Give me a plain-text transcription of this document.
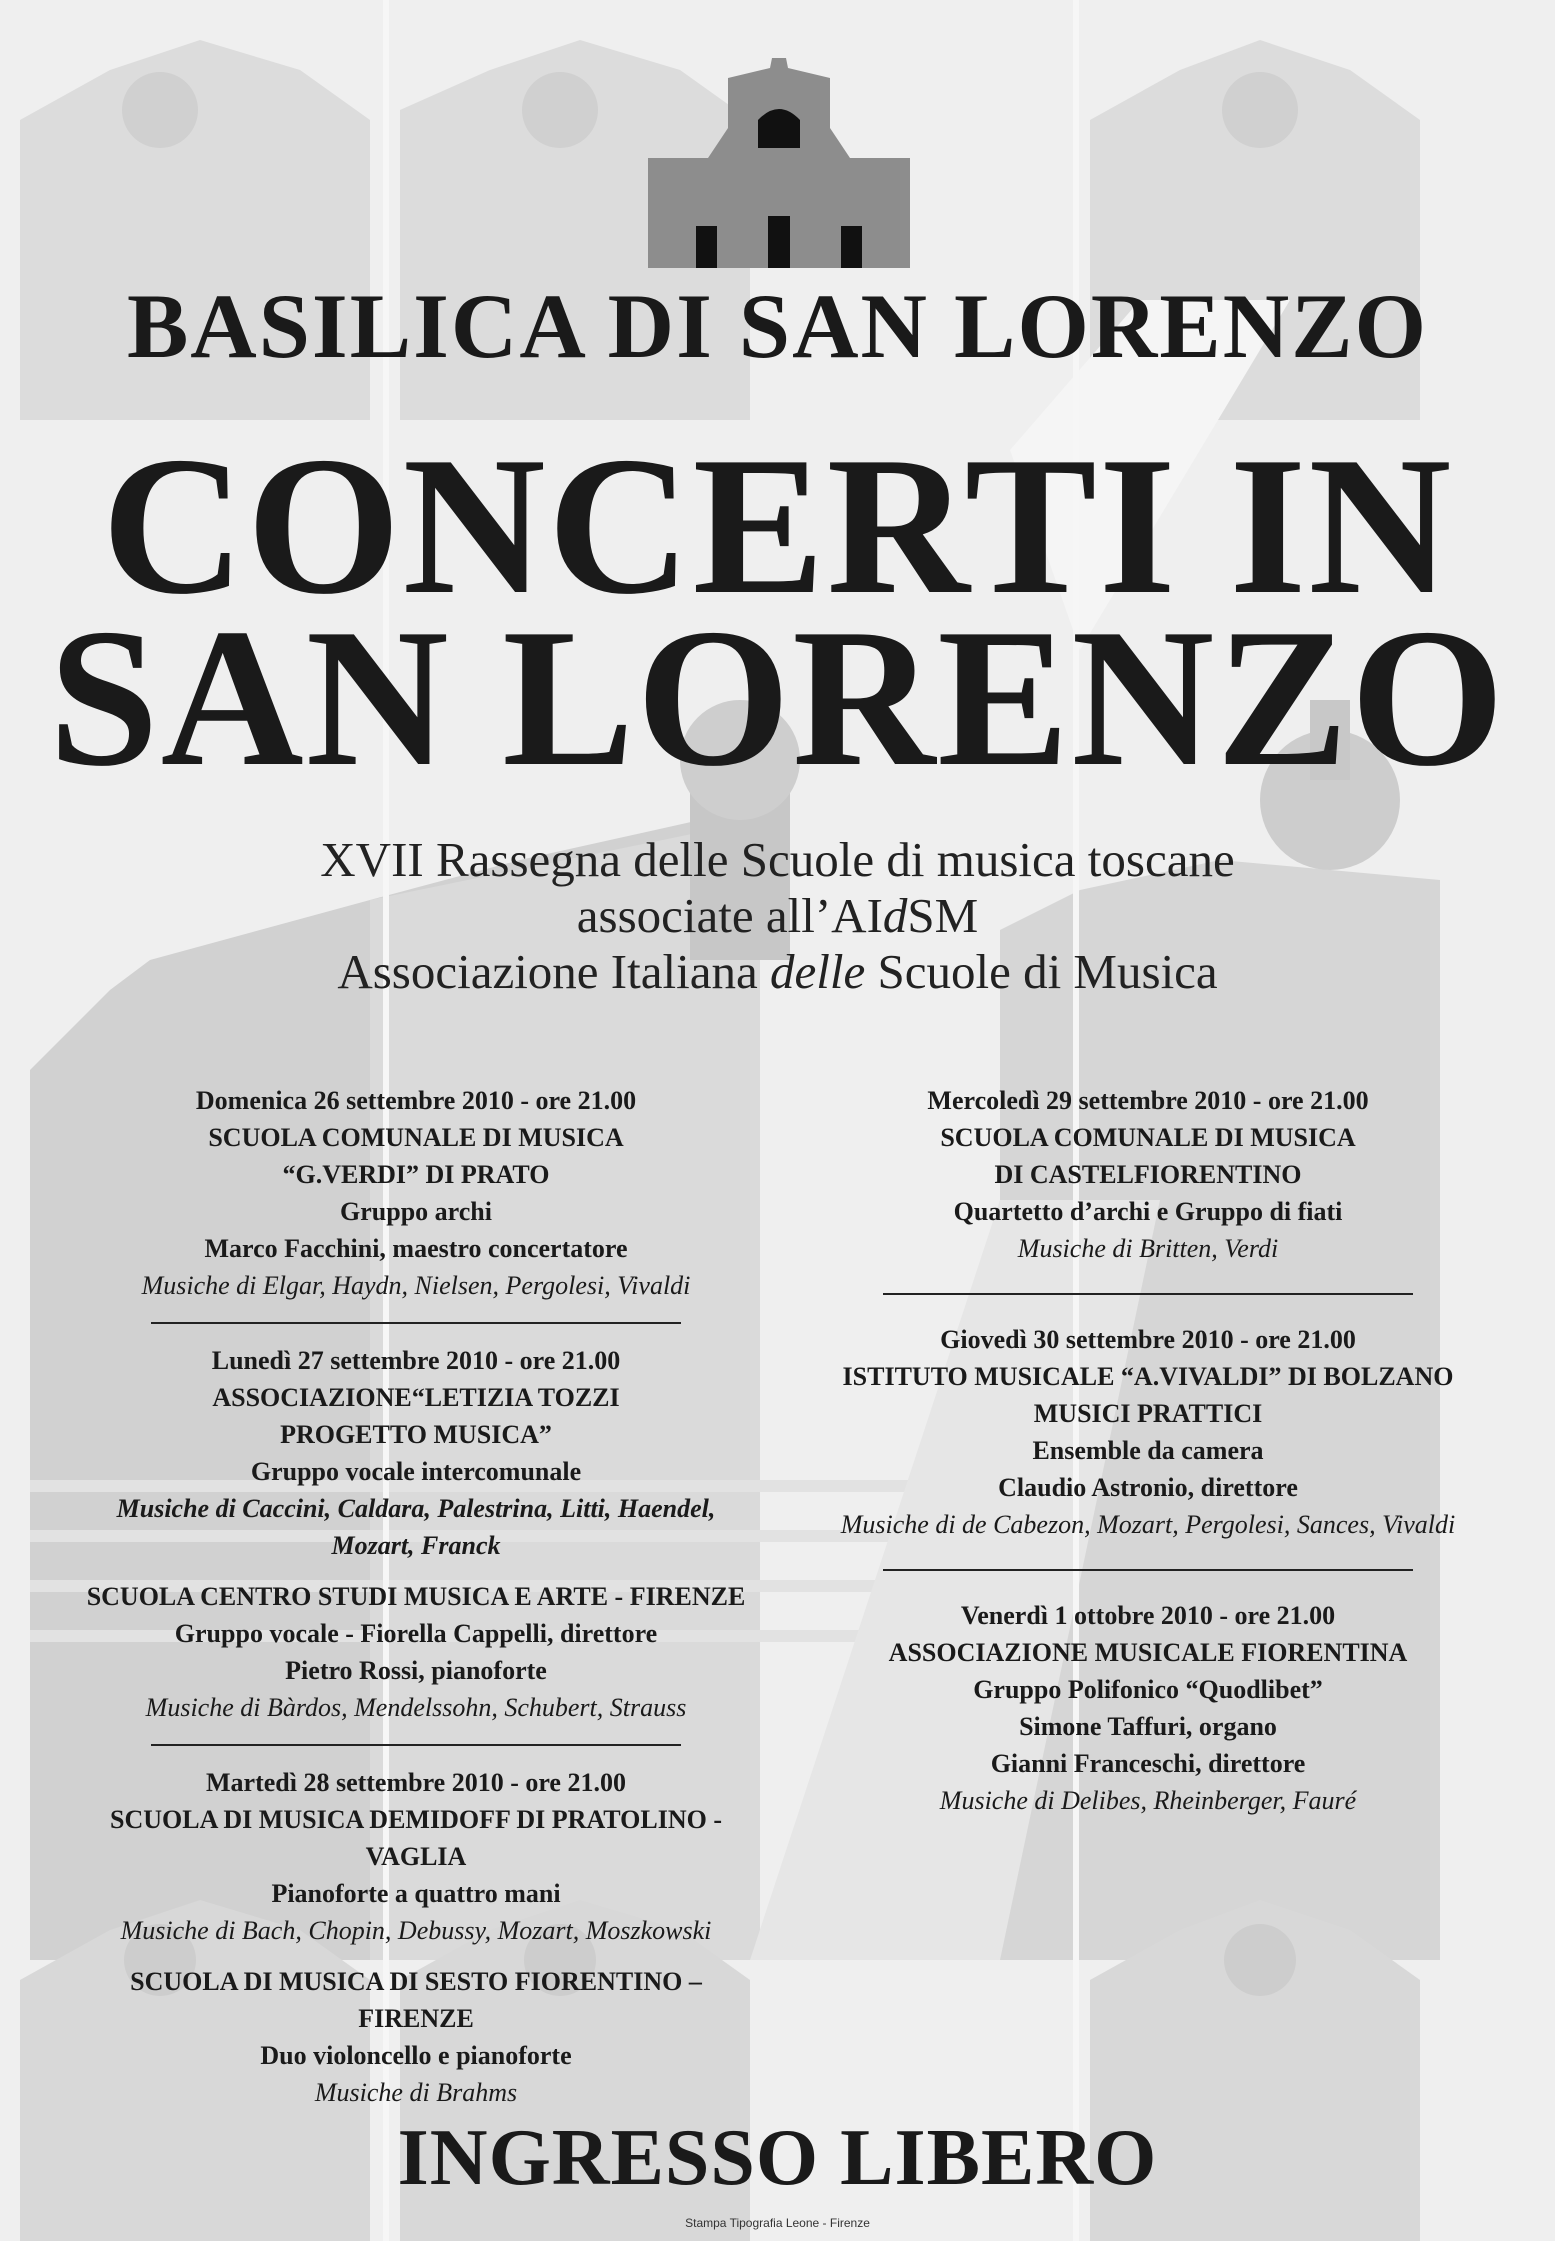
BASILICA DI SAN LORENZO
CONCERTI IN
SAN LORENZO
XVII Rassegna delle Scuole di musica toscane
associate all’AIdSM
Associazione Italiana delle Scuole di Musica
Domenica 26 settembre 2010 - ore 21.00
SCUOLA COMUNALE DI MUSICA
“G.VERDI” DI PRATO
Gruppo archi
Marco Facchini, maestro concertatore
Musiche di Elgar, Haydn, Nielsen, Pergolesi, Vivaldi
Lunedì 27 settembre 2010 - ore 21.00
ASSOCIAZIONE“LETIZIA TOZZI
PROGETTO MUSICA”
Gruppo vocale intercomunale
Musiche di Caccini, Caldara, Palestrina, Litti, Haendel, Mozart, Franck
SCUOLA CENTRO STUDI MUSICA E ARTE - FIRENZE
Gruppo vocale - Fiorella Cappelli, direttore
Pietro Rossi, pianoforte
Musiche di Bàrdos, Mendelssohn, Schubert, Strauss
Martedì 28 settembre 2010 - ore 21.00
SCUOLA DI MUSICA DEMIDOFF DI PRATOLINO - VAGLIA
Pianoforte a quattro mani
Musiche di Bach, Chopin, Debussy, Mozart, Moszkowski
SCUOLA DI MUSICA DI SESTO FIORENTINO – FIRENZE
Duo violoncello e pianoforte
Musiche di Brahms
Mercoledì 29 settembre 2010 - ore 21.00
SCUOLA COMUNALE DI MUSICA
DI CASTELFIORENTINO
Quartetto d’archi e Gruppo di fiati
Musiche di Britten, Verdi
Giovedì 30 settembre 2010 - ore 21.00
ISTITUTO MUSICALE “A.VIVALDI” DI BOLZANO
MUSICI PRATTICI
Ensemble da camera
Claudio Astronio, direttore
Musiche di de Cabezon, Mozart, Pergolesi, Sances, Vivaldi
Venerdì 1 ottobre 2010 - ore 21.00
ASSOCIAZIONE MUSICALE FIORENTINA
Gruppo Polifonico “Quodlibet”
Simone Taffuri, organo
Gianni Franceschi, direttore
Musiche di Delibes, Rheinberger, Fauré
INGRESSO LIBERO
Stampa Tipografia Leone - Firenze
